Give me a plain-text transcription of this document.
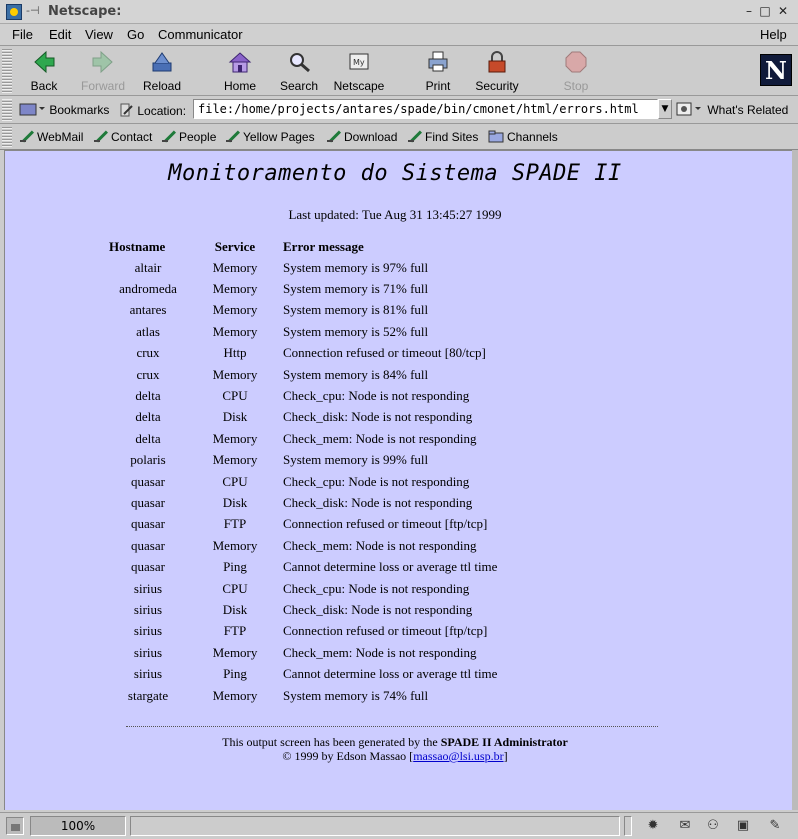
-⊣ Netscape:	– □ ✕
File Edit View Go Communicator	Help
Back	Forward	Reload	Home	Search
My
Netscape	Print	Security	Stop
N
Bookmarks	Location: file:/home/projects/antares/spade/bin/cmonet/html/errors.html	▼	What's Related
WebMail	Contact	People	Yellow Pages	Download	Find Sites	Channels
Monitoramento do Sistema SPADE II
Last updated: Tue Aug 31 13:45:27 1999
Hostname	Service	Error message
altair	Memory	System memory is 97% full
andromeda	Memory	System memory is 71% full
antares	Memory	System memory is 81% full
atlas	Memory	System memory is 52% full
crux	Http	Connection refused or timeout [80/tcp]
crux	Memory	System memory is 84% full
delta	CPU	Check_cpu: Node is not responding
delta	Disk	Check_disk: Node is not responding
delta	Memory	Check_mem: Node is not responding
polaris	Memory	System memory is 99% full
quasar	CPU	Check_cpu: Node is not responding
quasar	Disk	Check_disk: Node is not responding
quasar	FTP	Connection refused or timeout [ftp/tcp]
quasar	Memory	Check_mem: Node is not responding
quasar	Ping	Cannot determine loss or average ttl time
sirius	CPU	Check_cpu: Node is not responding
sirius	Disk	Check_disk: Node is not responding
sirius	FTP	Connection refused or timeout [ftp/tcp]
sirius	Memory	Check_mem: Node is not responding
sirius	Ping	Cannot determine loss or average ttl time
stargate	Memory	System memory is 74% full
This output screen has been generated by the SPADE II Administrator
© 1999 by Edson Massao [massao@lsi.usp.br]
100%	✹ ✉ ⚇ ▣ ✎
